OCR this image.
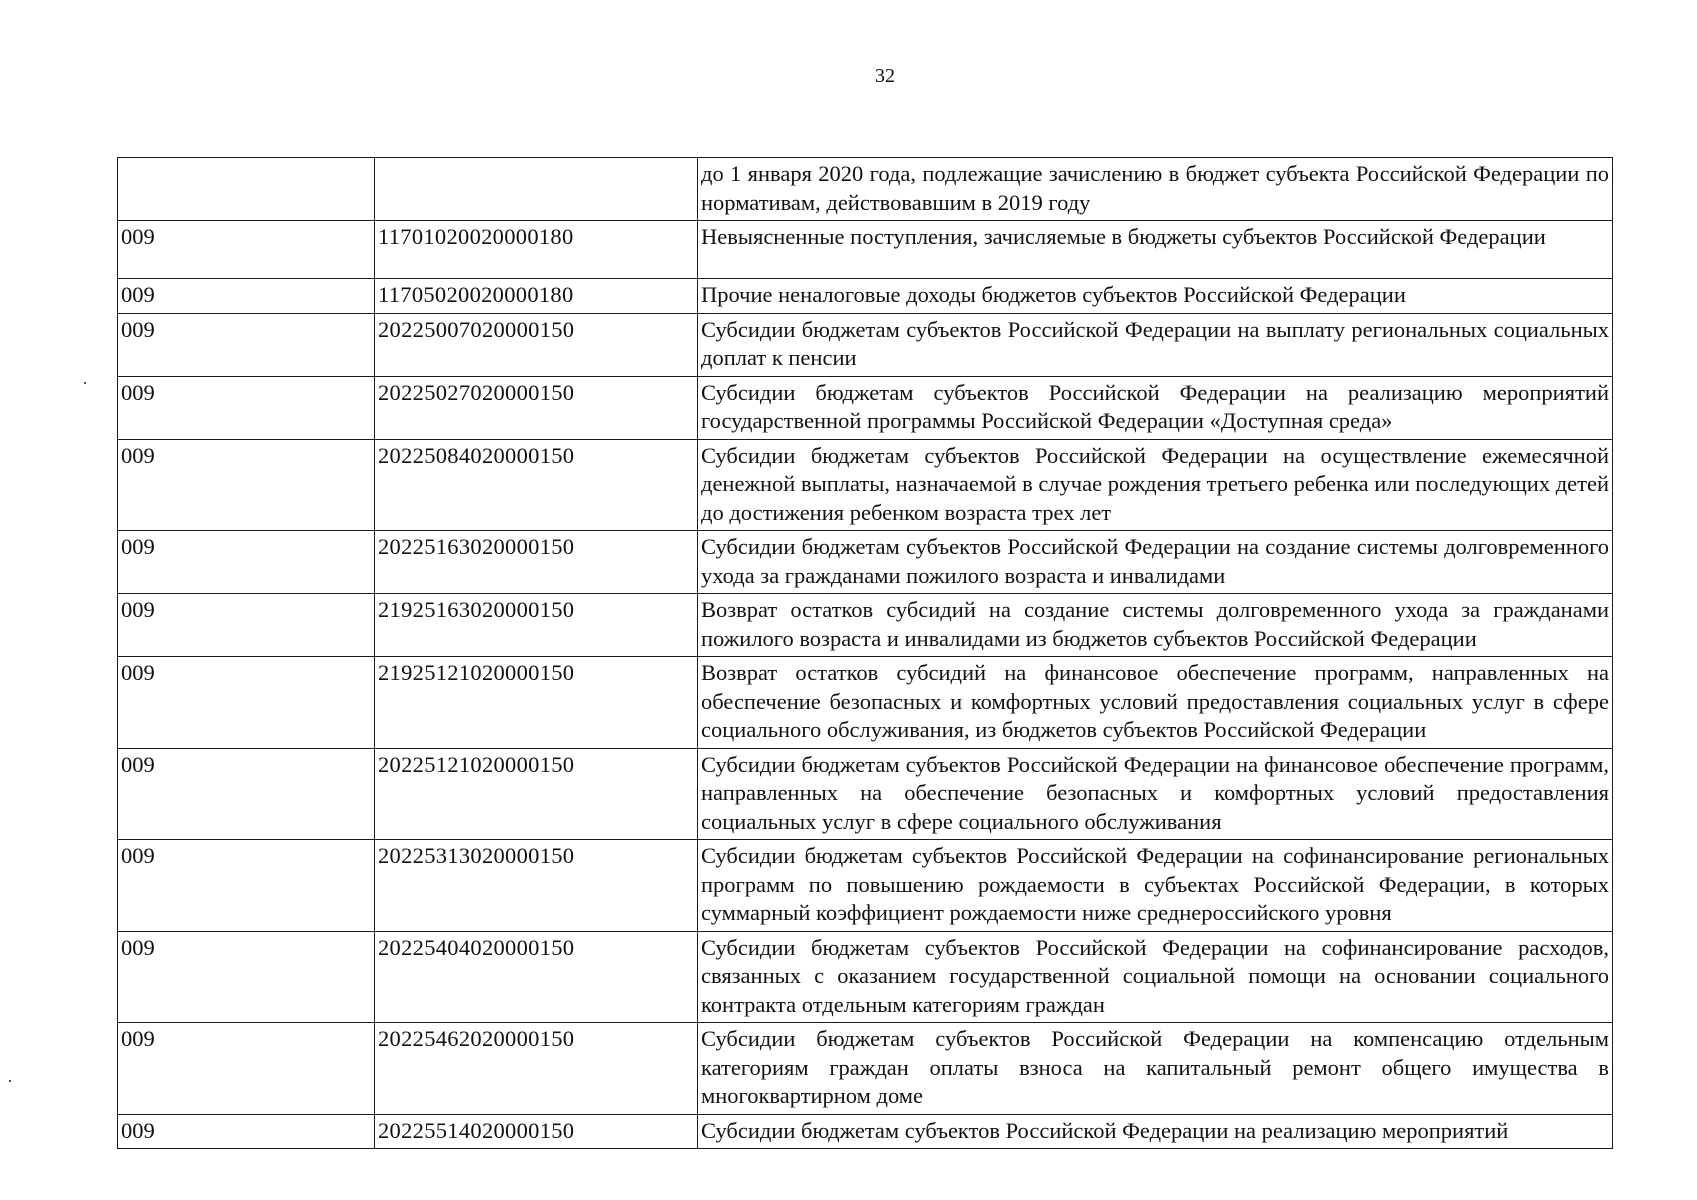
32
		до 1 января 2020 года, подлежащие зачислению в бюджет субъекта Российской Федерации по нормативам, действовавшим в 2019 году
009	11701020020000180	Невыясненные поступления, зачисляемые в бюджеты субъектов Российской Федерации
009	11705020020000180	Прочие неналоговые доходы бюджетов субъектов Российской Федерации
009	20225007020000150	Субсидии бюджетам субъектов Российской Федерации на выплату региональных социальных доплат к пенсии
009	20225027020000150	Субсидии бюджетам субъектов Российской Федерации на реализацию мероприятий государственной программы Российской Федерации «Доступная среда»
009	20225084020000150	Субсидии бюджетам субъектов Российской Федерации на осуществление ежемесячной денежной выплаты, назначаемой в случае рождения третьего ребенка или последующих детей до достижения ребенком возраста трех лет
009	20225163020000150	Субсидии бюджетам субъектов Российской Федерации на создание системы долговременного ухода за гражданами пожилого возраста и инвалидами
009	21925163020000150	Возврат остатков субсидий на создание системы долговременного ухода за гражданами пожилого возраста и инвалидами из бюджетов субъектов Российской Федерации
009	21925121020000150	Возврат остатков субсидий на финансовое обеспечение программ, направленных на обеспечение безопасных и комфортных условий предоставления социальных услуг в сфере социального обслуживания, из бюджетов субъектов Российской Федерации
009	20225121020000150	Субсидии бюджетам субъектов Российской Федерации на финансовое обеспечение программ, направленных на обеспечение безопасных и комфортных условий предоставления социальных услуг в сфере социального обслуживания
009	20225313020000150	Субсидии бюджетам субъектов Российской Федерации на софинансирование региональных программ по повышению рождаемости в субъектах Российской Федерации, в которых суммарный коэффициент рождаемости ниже среднероссийского уровня
009	20225404020000150	Субсидии бюджетам субъектов Российской Федерации на софинансирование расходов, связанных с оказанием государственной социальной помощи на основании социального контракта отдельным категориям граждан
009	20225462020000150	Субсидии бюджетам субъектов Российской Федерации на компенсацию отдельным категориям граждан оплаты взноса на капитальный ремонт общего имущества в многоквартирном доме
009	20225514020000150	Субсидии бюджетам субъектов Российской Федерации на реализацию мероприятий
